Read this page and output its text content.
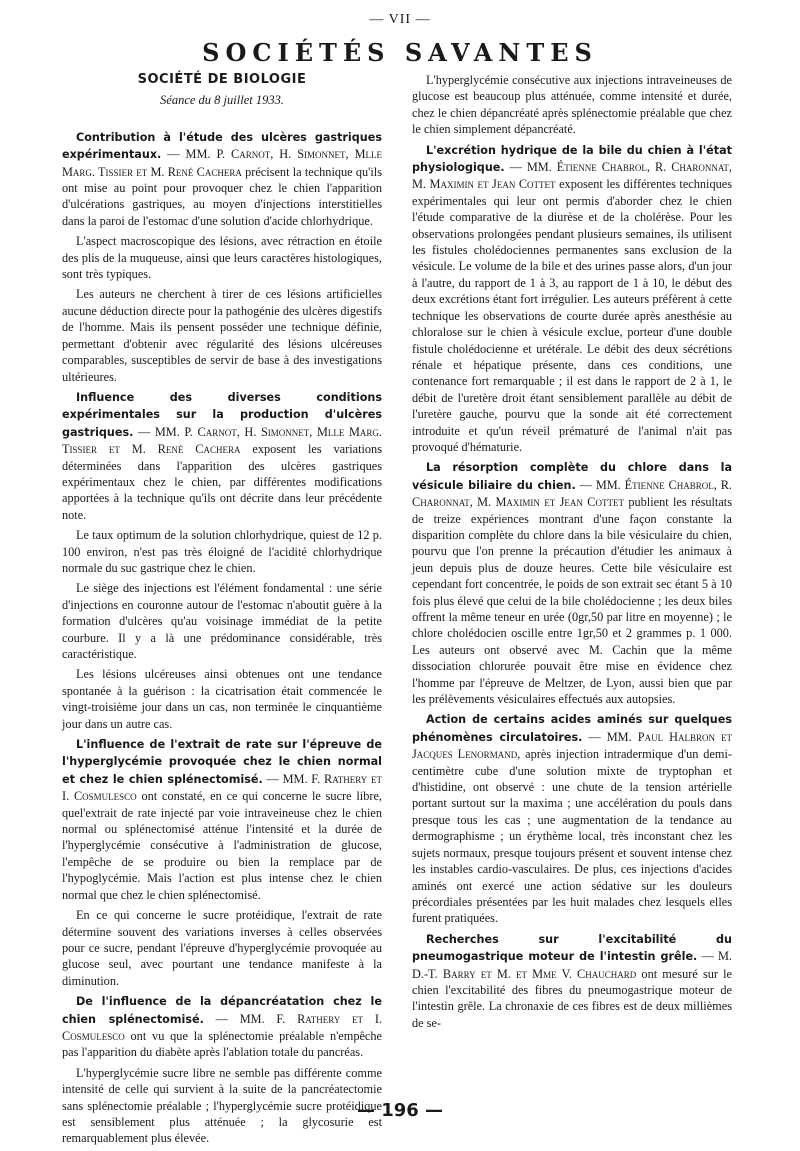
— VII —
SOCIÉTÉS SAVANTES
SOCIÉTÉ DE BIOLOGIE
Séance du 8 juillet 1933.

Contribution à l'étude des ulcères gastriques expérimentaux. — MM. P. Carnot, H. Simonnet, Mlle Marg. Tissier et M. René Cachera précisent la technique qu'ils ont mise au point pour provoquer chez le chien l'apparition d'ulcérations gastriques, au moyen d'injections interstitielles dans la paroi de l'estomac d'une solution d'acide chlorhydrique.

L'aspect macroscopique des lésions, avec rétraction en étoile des plis de la muqueuse, ainsi que leurs caractères histologiques, sont très typiques.

Les auteurs ne cherchent à tirer de ces lésions artificielles aucune déduction directe pour la pathogénie des ulcères digestifs de l'homme. Mais ils pensent posséder une technique définie, permettant d'obtenir avec régularité des lésions ulcéreuses comparables, susceptibles de servir de base à des investigations ultérieures.

Influence des diverses conditions expérimentales sur la production d'ulcères gastriques. — MM. P. Carnot, H. Simonnet, Mlle Marg. Tissier et M. René Cachera exposent les variations déterminées dans l'apparition des ulcères gastriques expérimentaux chez le chien, par différentes modifications apportées à la technique qu'ils ont décrite dans leur précédente note.

Le taux optimum de la solution chlorhydrique, quiest de 12 p. 100 environ, n'est pas très éloigné de l'acidité chlorhydrique normale du suc gastrique chez le chien.

Le siège des injections est l'élément fondamental : une série d'injections en couronne autour de l'estomac n'aboutit guère à la formation d'ulcères qu'au voisinage immédiat de la petite courbure. Il y a là une prédominance considérable, très caractéristique.

Les lésions ulcéreuses ainsi obtenues ont une tendance spontanée à la guérison : la cicatrisation était commencée le vingt-troisième jour dans un cas, non terminée le cinquantième jour dans un autre cas.

L'influence de l'extrait de rate sur l'épreuve de l'hyperglycémie provoquée chez le chien normal et chez le chien splénectomisé. — MM. F. Rathery et I. Cosmulesco ont constaté, en ce qui concerne le sucre libre, quel'extrait de rate injecté par voie intraveineuse chez le chien normal ou splénectomisé atténue l'intensité et la durée de l'hyperglycémie consécutive à l'administration de glucose, l'empêche de se produire ou bien la remplace par de l'hypoglycémie. Mais l'action est plus intense chez le chien normal que chez le chien splénectomisé.

En ce qui concerne le sucre protéidique, l'extrait de rate détermine souvent des variations inverses à celles observées pour ce sucre, pendant l'épreuve d'hyperglycémie provoquée au glucose seul, avec pourtant une tendance manifeste à la diminution.

De l'influence de la dépancréatation chez le chien splénectomisé. — MM. F. Rathery et I. Cosmulesco ont vu que la splénectomie préalable n'empêche pas l'apparition du diabète après l'ablation totale du pancréas.

L'hyperglycémie sucre libre ne semble pas différente comme intensité de celle qui survient à la suite de la pancréatectomie sans splénectomie préalable ; l'hyperglycémie sucre protéidique est sensiblement plus atténuée ; la glycosurie est remarquablement plus élevée.

L'hyperglycémie consécutive aux injections intraveineuses de glucose est beaucoup plus atténuée, comme intensité et durée, chez le chien dépancréaté après splénectomie préalable que chez le chien simplement dépancréaté.

L'excrétion hydrique de la bile du chien à l'état physiologique. — MM. Étienne Chabrol, R. Charonnat, M. Maximin et Jean Cottet exposent les différentes techniques expérimentales qui leur ont permis d'aborder chez le chien l'étude comparative de la diurèse et de la cholérèse. Pour les observations prolongées pendant plusieurs semaines, ils utilisent les fistules cholédociennes permanentes sans exclusion de la vésicule. Le volume de la bile et des urines passe alors, d'un jour à l'autre, du rapport de 1 à 3, au rapport de 1 à 10, le début des deux excrétions étant fort irrégulier. Les auteurs préfèrent à cette technique les observations de courte durée après anesthésie au chloralose sur le chien à vésicule exclue, porteur d'une double fistule cholédocienne et urétérale. Le débit des deux sécrétions rénale et hépatique présente, dans ces conditions, une contenance fort remarquable ; il est dans le rapport de 2 à 1, le débit de l'uretère droit étant sensiblement parallèle au débit de l'uretère gauche, pourvu que la sonde ait été correctement introduite et qu'un réveil prématuré de l'animal n'ait pas provoqué d'hématurie.

La résorption complète du chlore dans la vésicule biliaire du chien. — MM. Étienne Chabrol, R. Charonnat, M. Maximin et Jean Cottet publient les résultats de treize expériences montrant d'une façon constante la disparition complète du chlore dans la bile vésiculaire du chien, pourvu que l'on prenne la précaution d'étudier les animaux à jeun depuis plus de douze heures. Cette bile vésiculaire est cependant fort concentrée, le poids de son extrait sec étant 5 à 10 fois plus élevé que celui de la bile cholédocienne ; les deux biles offrent la même teneur en urée (0gr,50 par litre en moyenne) ; le chlore cholédocien oscille entre 1gr,50 et 2 grammes p. 1 000. Les auteurs ont observé avec M. Cachin que la même dissociation chlorurée pouvait être mise en évidence chez l'homme par l'épreuve de Meltzer, de Lyon, aussi bien que par les prélèvements vésiculaires effectués aux autopsies.

Action de certains acides aminés sur quelques phénomènes circulatoires. — MM. Paul Halbron et Jacques Lenormand, après injection intradermique d'un demi-centimètre cube d'une solution mixte de tryptophan et d'histidine, ont observé : une chute de la tension artérielle portant surtout sur la maxima ; une accélération du pouls dans presque tous les cas ; une augmentation de la tendance au dermographisme ; un érythème local, très inconstant chez les sujets normaux, presque toujours présent et souvent intense chez les instables cardio-vasculaires. De plus, ces injections d'acides aminés ont exercé une action sédative sur les douleurs précordiales présentées par les huit malades chez lesquels elles furent pratiquées.

Recherches sur l'excitabilité du pneumogastrique moteur de l'intestin grêle. — M. D.-T. Barry et M. et Mme V. Chauchard ont mesuré sur le chien l'excitabilité des fibres du pneumogastrique moteur de l'intestin grêle. La chronaxie de ces fibres est de deux millièmes de se-

— 196 —
